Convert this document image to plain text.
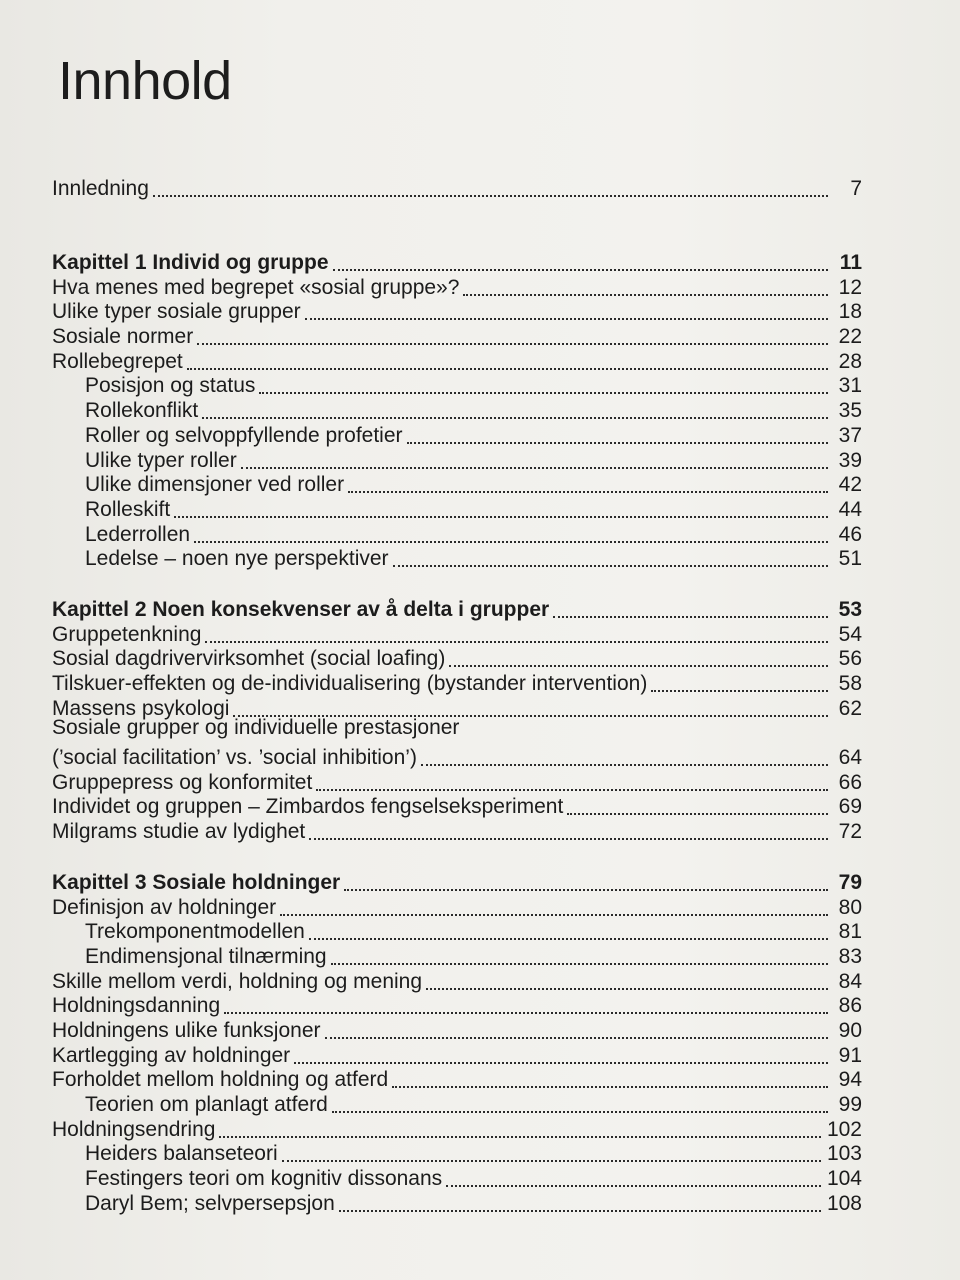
Innhold
Innledning	7
Kapittel 1 Individ og gruppe	11
Hva menes med begrepet «sosial gruppe»?	12
Ulike typer sosiale grupper	18
Sosiale normer	22
Rollebegrepet	28
Posisjon og status	31
Rollekonflikt	35
Roller og selvoppfyllende profetier	37
Ulike typer roller	39
Ulike dimensjoner ved roller	42
Rolleskift	44
Lederrollen	46
Ledelse – noen nye perspektiver	51
Kapittel 2 Noen konsekvenser av å delta i grupper	53
Gruppetenkning	54
Sosial dagdrivervirksomhet (social loafing)	56
Tilskuer-effekten og de-individualisering (bystander intervention)	58
Massens psykologi	62
Sosiale grupper og individuelle prestasjoner
(’social facilitation’ vs. ’social inhibition’)	64
Gruppepress og konformitet	66
Individet og gruppen – Zimbardos fengselseksperiment	69
Milgrams studie av lydighet	72
Kapittel 3 Sosiale holdninger	79
Definisjon av holdninger	80
Trekomponentmodellen	81
Endimensjonal tilnærming	83
Skille mellom verdi, holdning og mening	84
Holdningsdanning	86
Holdningens ulike funksjoner	90
Kartlegging av holdninger	91
Forholdet mellom holdning og atferd	94
Teorien om planlagt atferd	99
Holdningsendring	102
Heiders balanseteori	103
Festingers teori om kognitiv dissonans	104
Daryl Bem; selvpersepsjon	108
